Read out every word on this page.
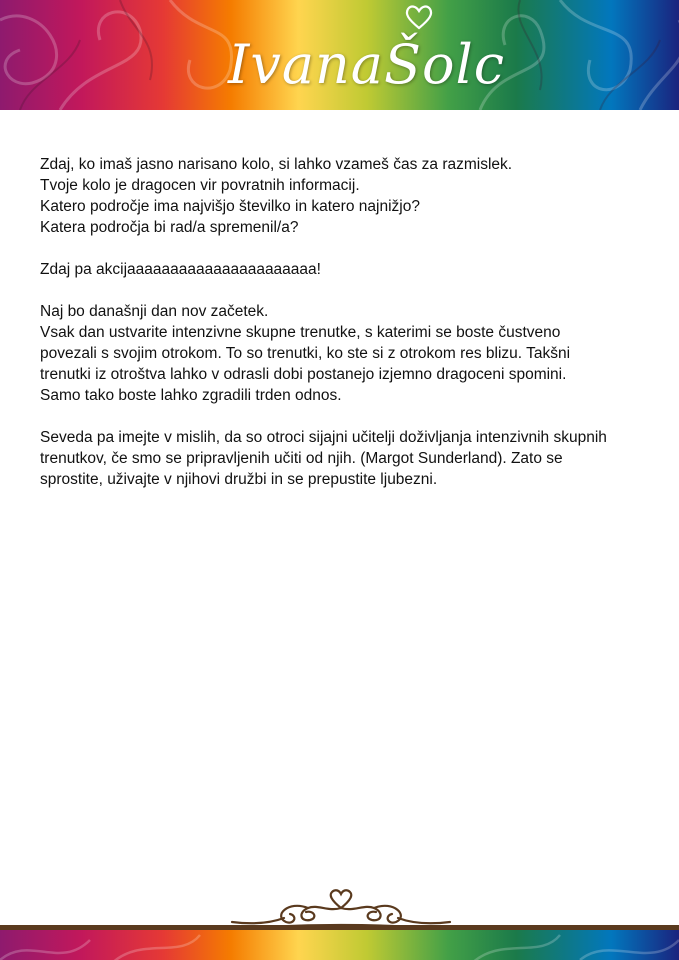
IvanaŠolc

Zdaj, ko imaš jasno narisano kolo, si lahko vzameš čas za razmislek.
Tvoje kolo je dragocen vir povratnih informacij.
Katero področje ima najvišjo številko in katero najnižjo?
Katera področja bi rad/a spremenil/a?

Zdaj pa akcijaaaaaaaaaaaaaaaaaaaaaa!

Naj bo današnji dan nov začetek.
Vsak dan ustvarite intenzivne skupne trenutke, s katerimi se boste čustveno
povezali s svojim otrokom. To so trenutki, ko ste si z otrokom res blizu. Takšni
trenutki iz otroštva lahko v odrasli dobi postanejo izjemno dragoceni spomini.
Samo tako boste lahko zgradili trden odnos.

Seveda pa imejte v mislih, da so otroci sijajni učitelji doživljanja intenzivnih skupnih
trenutkov, če smo se pripravljenih učiti od njih. (Margot Sunderland). Zato se
sprostite, uživajte v njihovi družbi in se prepustite ljubezni.
